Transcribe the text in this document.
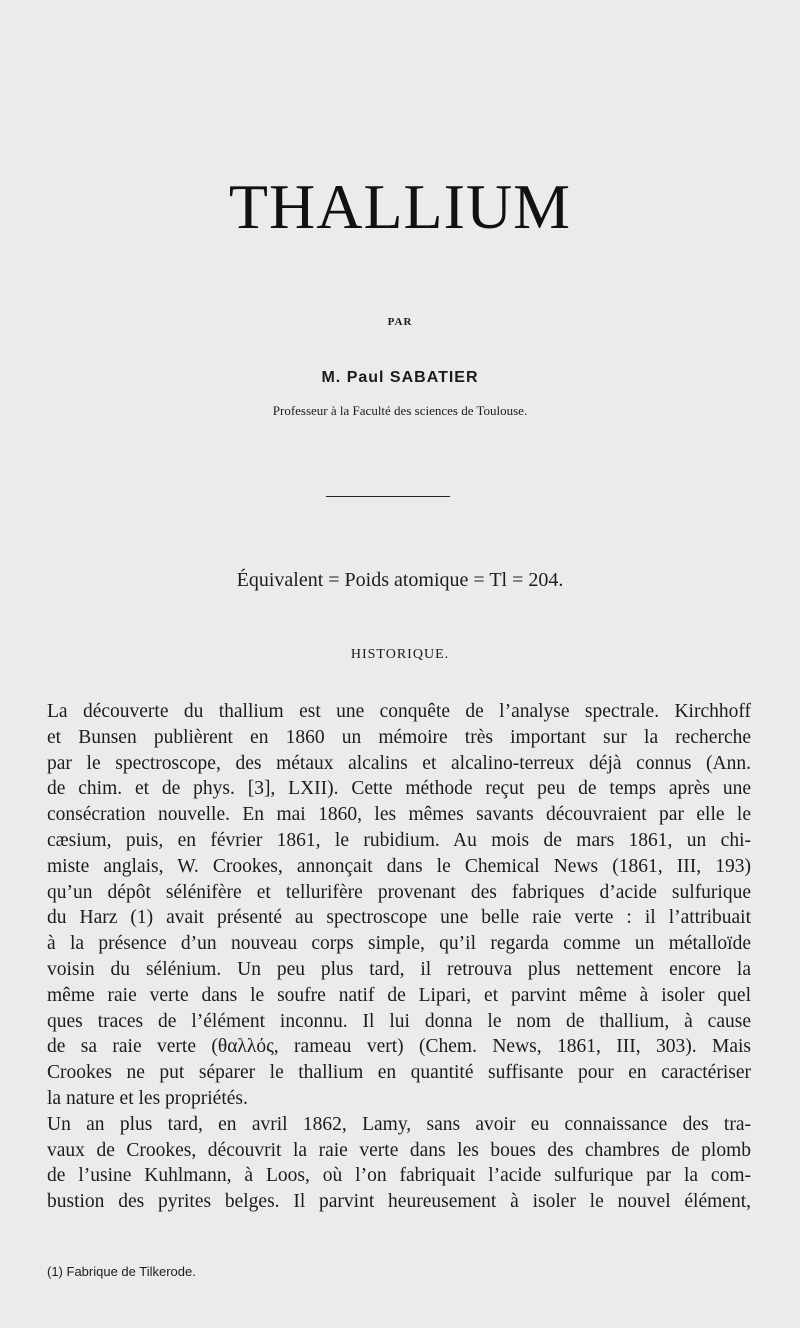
THALLIUM
PAR
M. Paul SABATIER
Professeur à la Faculté des sciences de Toulouse.
Équivalent = Poids atomique = Tl = 204.
HISTORIQUE.

La découverte du thallium est une conquête de l’analyse spectrale. Kirchhoff
et Bunsen publièrent en 1860 un mémoire très important sur la recherche
par le spectroscope, des métaux alcalins et alcalino-terreux déjà connus (Ann.
de chim. et de phys. [3], LXII). Cette méthode reçut peu de temps après une
consécration nouvelle. En mai 1860, les mêmes savants découvraient par elle le
cæsium, puis, en février 1861, le rubidium. Au mois de mars 1861, un chi-
miste anglais, W. Crookes, annonçait dans le Chemical News (1861, III, 193)
qu’un dépôt sélénifère et tellurifère provenant des fabriques d’acide sulfurique
du Harz (1) avait présenté au spectroscope une belle raie verte : il l’attribuait
à la présence d’un nouveau corps simple, qu’il regarda comme un métalloïde
voisin du sélénium. Un peu plus tard, il retrouva plus nettement encore la
même raie verte dans le soufre natif de Lipari, et parvint même à isoler quel
ques traces de l’élément inconnu. Il lui donna le nom de thallium, à cause
de sa raie verte (θαλλός, rameau vert) (Chem. News, 1861, III, 303). Mais
Crookes ne put séparer le thallium en quantité suffisante pour en caractériser
la nature et les propriétés.

Un an plus tard, en avril 1862, Lamy, sans avoir eu connaissance des tra-
vaux de Crookes, découvrit la raie verte dans les boues des chambres de plomb
de l’usine Kuhlmann, à Loos, où l’on fabriquait l’acide sulfurique par la com-
bustion des pyrites belges. Il parvint heureusement à isoler le nouvel élément,

(1) Fabrique de Tilkerode.
